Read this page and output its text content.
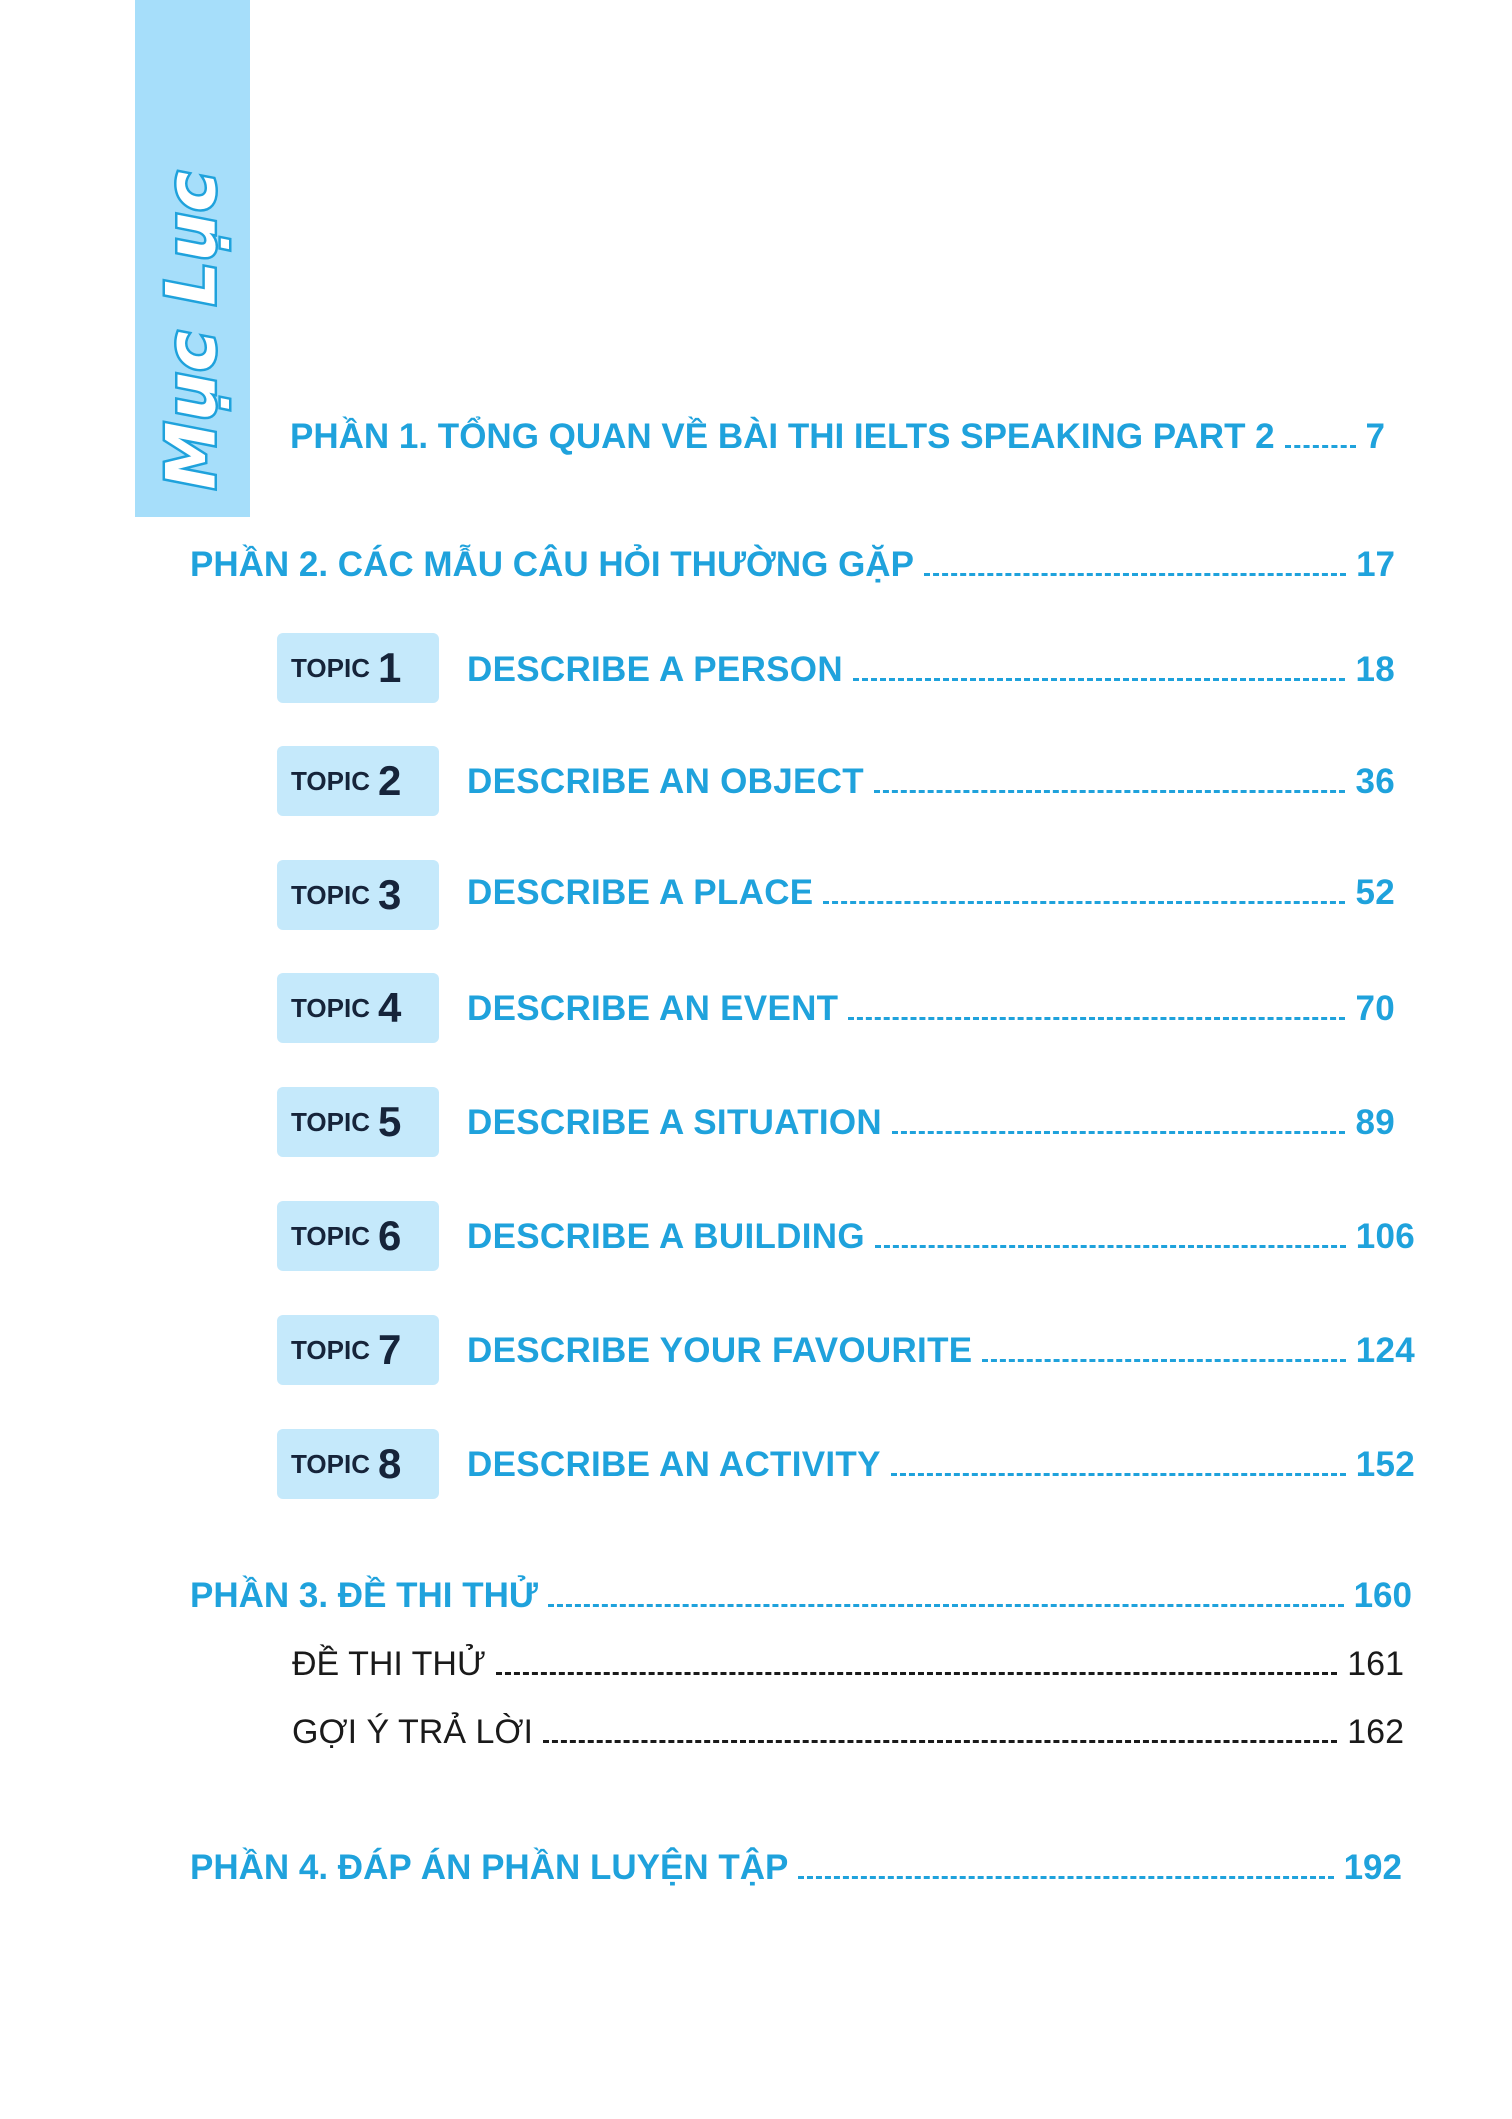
Mục Lục PHẦN 1. TỔNG QUAN VỀ BÀI THI IELTS SPEAKING PART 2	7
PHẦN 2. CÁC MẪU CÂU HỎI THƯỜNG GẶP	17
TOPIC 1 DESCRIBE A PERSON	18
TOPIC 2 DESCRIBE AN OBJECT	36
TOPIC 3 DESCRIBE A PLACE	52
TOPIC 4 DESCRIBE AN EVENT	70
TOPIC 5 DESCRIBE A SITUATION	89
TOPIC 6 DESCRIBE A BUILDING	106
TOPIC 7 DESCRIBE YOUR FAVOURITE	124
TOPIC 8 DESCRIBE AN ACTIVITY	152
PHẦN 3. ĐỀ THI THỬ	160
ĐỀ THI THỬ	161
GỢI Ý TRẢ LỜI	162
PHẦN 4. ĐÁP ÁN PHẦN LUYỆN TẬP	192
